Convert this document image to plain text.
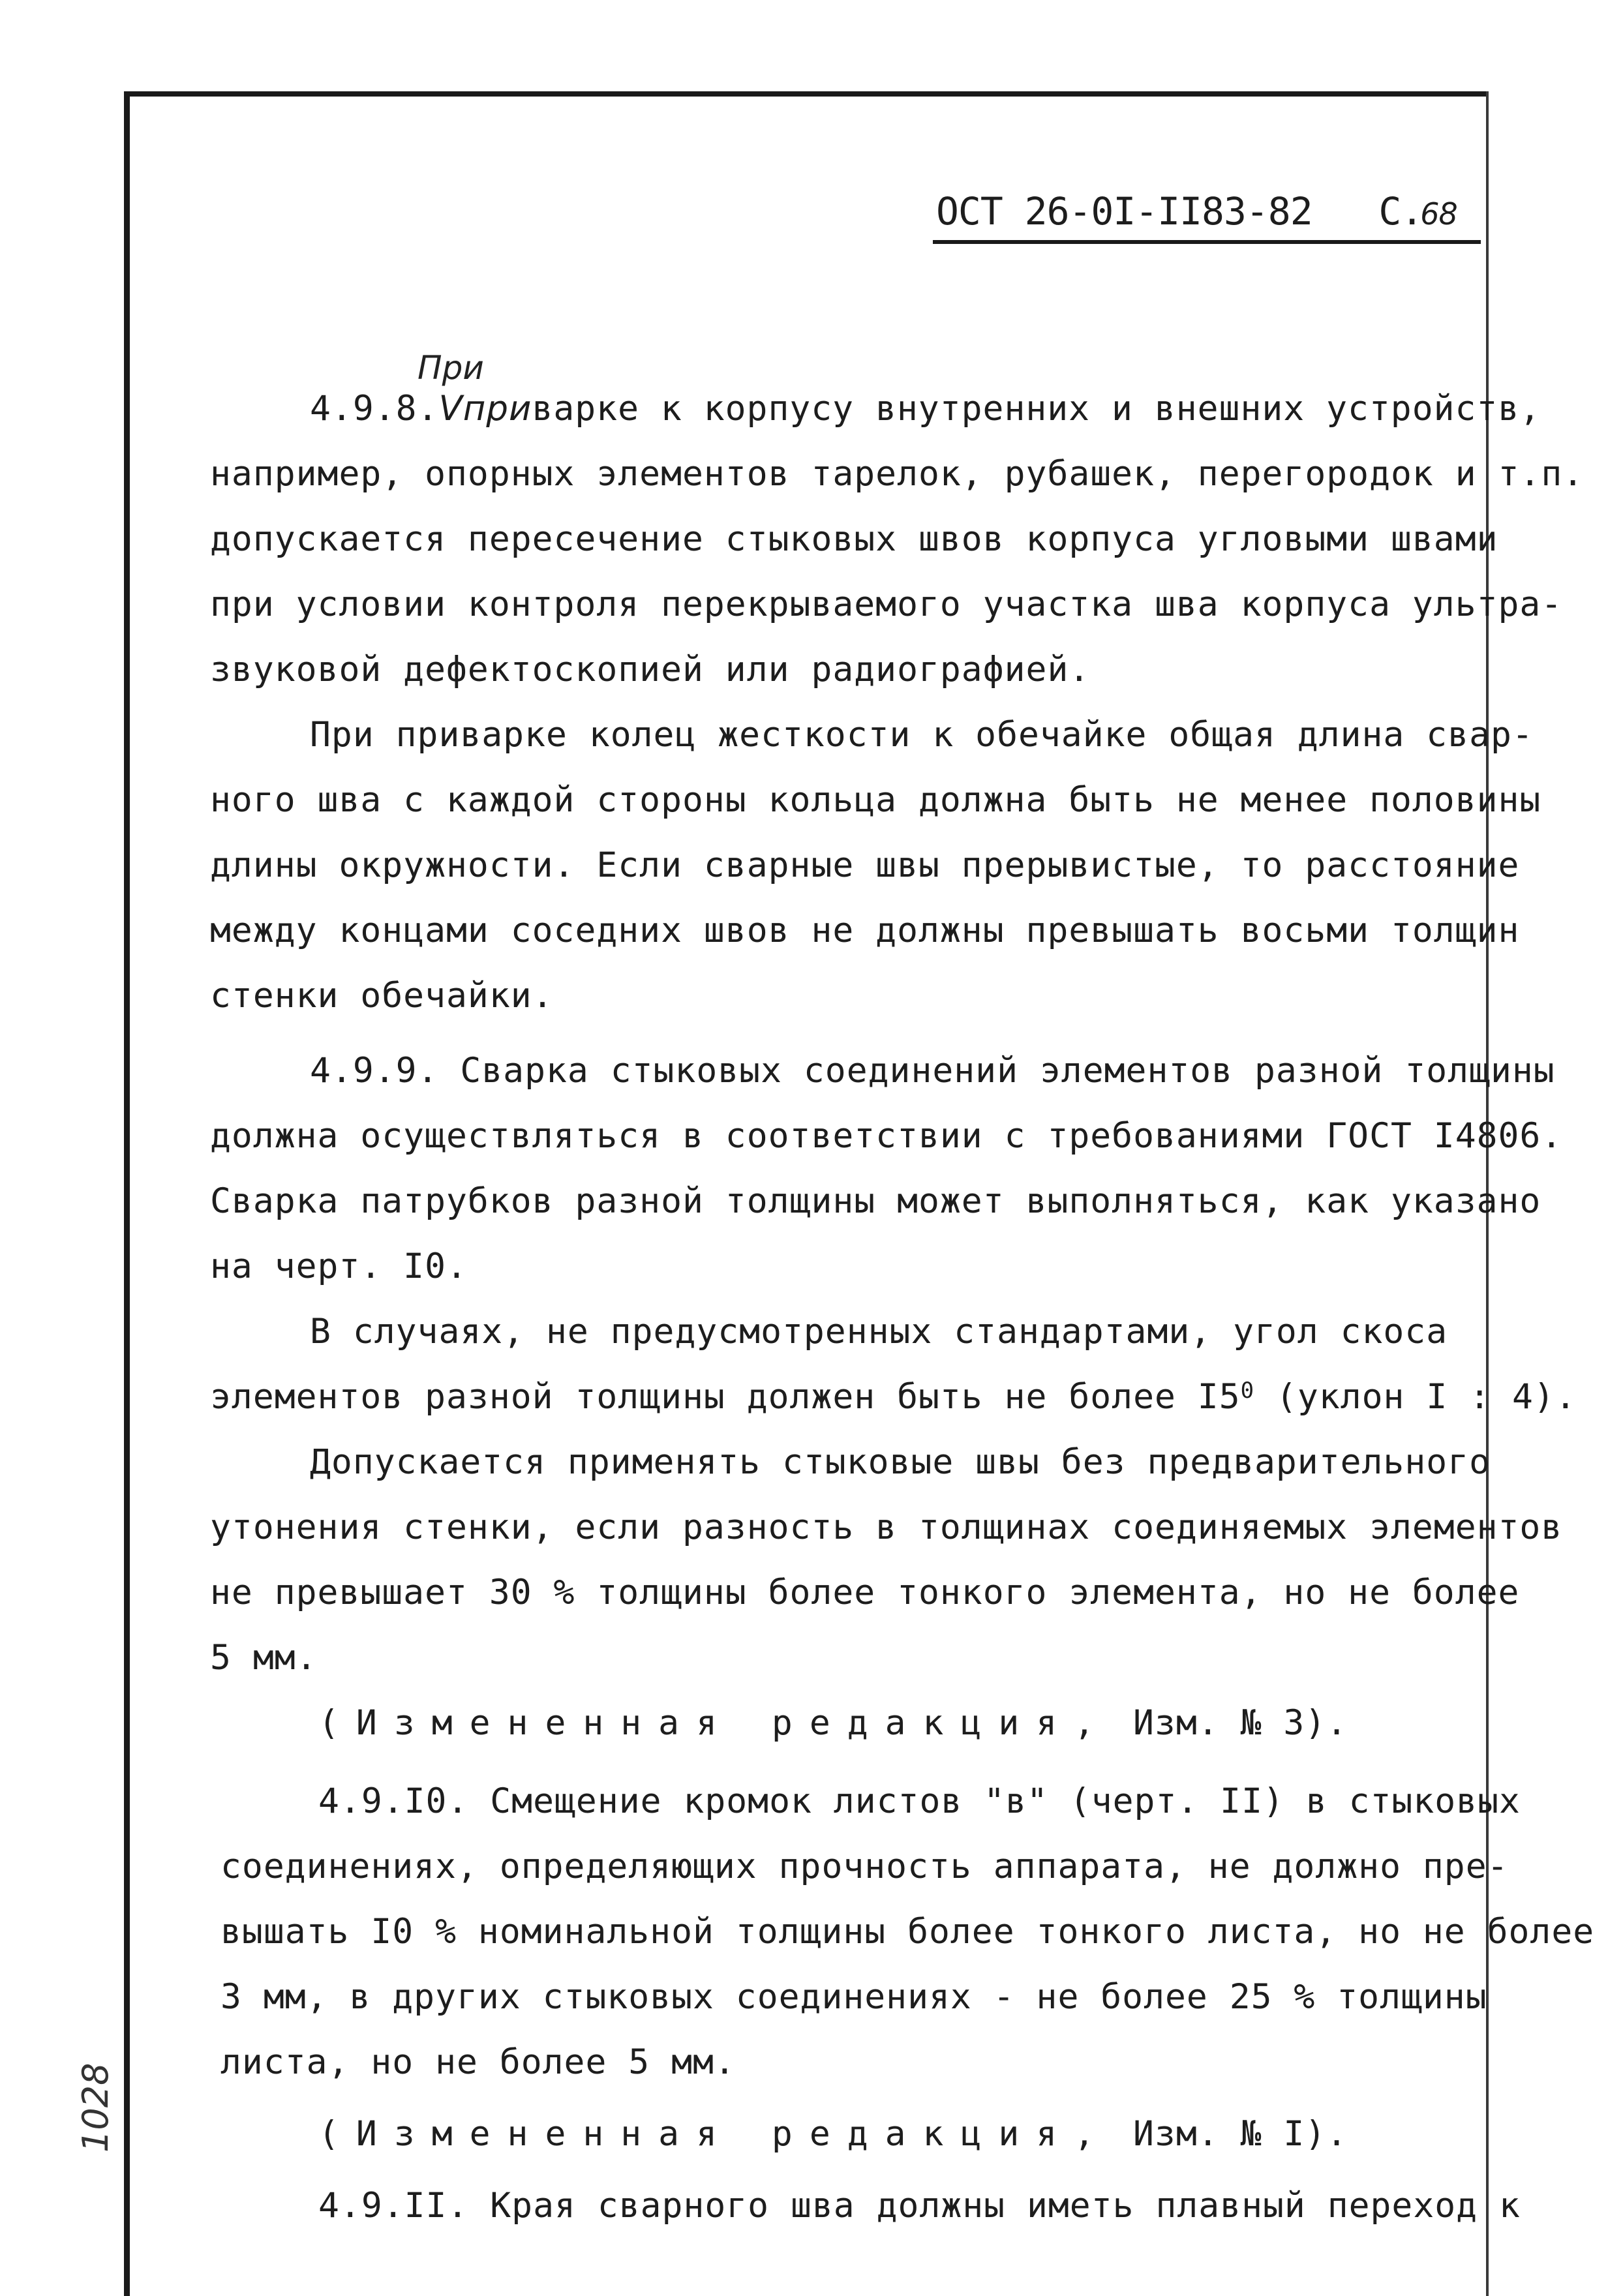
ОСТ 26-0I-II83-82 С.68
При
4.9.8.Vприварке к корпусу внутренних и внешних устройств,
например, опорных элементов тарелок, рубашек, перегородок и т.п.
допускается пересечение стыковых швов корпуса угловыми швами
при условии контроля перекрываемого участка шва корпуса ультра-
звуковой дефектоскопией или радиографией.
При приварке колец жесткости к обечайке общая длина свар-
ного шва с каждой стороны кольца должна быть не менее половины
длины окружности. Если сварные швы прерывистые, то расстояние
между концами соседних швов не должны превышать восьми толщин
стенки обечайки.
4.9.9. Сварка стыковых соединений элементов разной толщины
должна осуществляться в соответствии с требованиями ГОСТ I4806.
Сварка патрубков разной толщины может выполняться, как указано
на черт. I0.
В случаях, не предусмотренных стандартами, угол скоса
элементов разной толщины должен быть не более $I5^0$ (уклон I : 4).
Допускается применять стыковые швы без предварительного
утонения стенки, если разность в толщинах соединяемых элементов
не превышает 30 % толщины более тонкого элемента, но не более
5 мм.
(Измененная редакция, Изм. № 3).
4.9.I0. Смещение кромок листов "в" (черт. II) в стыковых
соединениях, определяющих прочность аппарата, не должно пре-
вышать I0 % номинальной толщины более тонкого листа, но не более
3 мм, в других стыковых соединениях - не более 25 % толщины
листа, но не более 5 мм.
(Измененная редакция, Изм. № I).
4.9.II. Края сварного шва должны иметь плавный переход к
1028
